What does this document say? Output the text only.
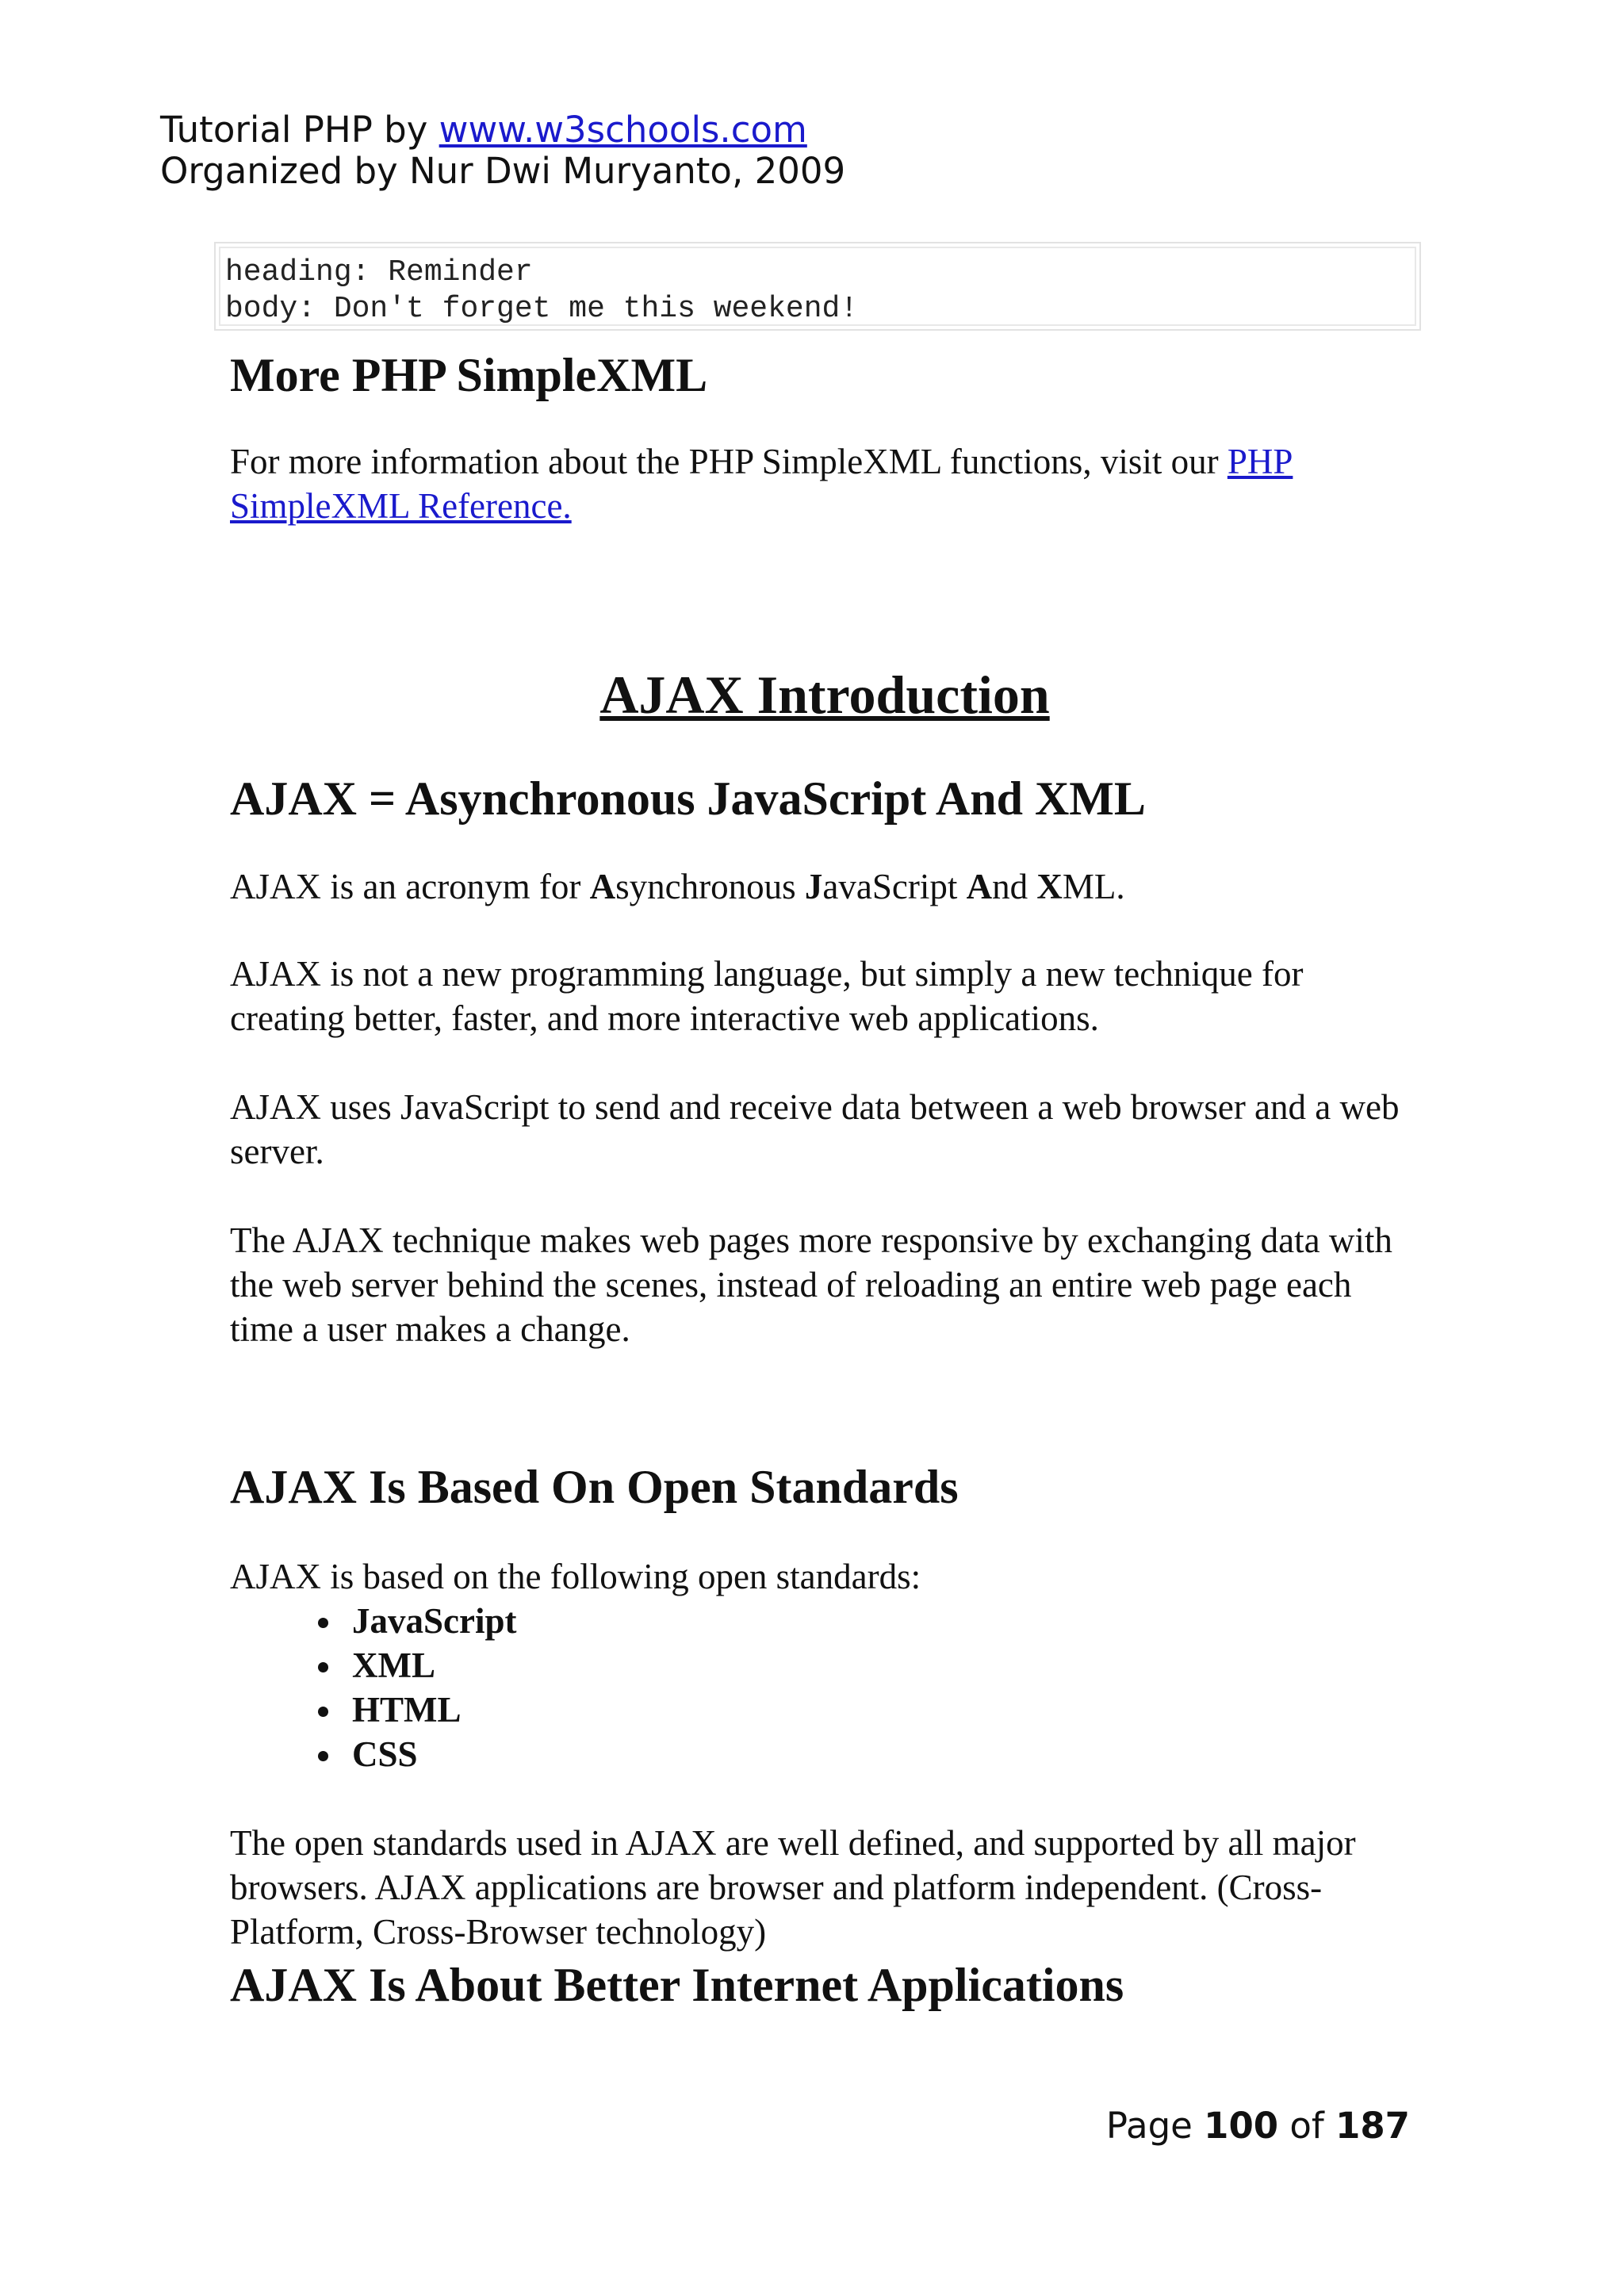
Tutorial PHP by www.w3schools.com
Organized by Nur Dwi Muryanto, 2009
heading: Reminder
body: Don't forget me this weekend!
More PHP SimpleXML

For more information about the PHP SimpleXML functions, visit our PHP SimpleXML Reference.

AJAX Introduction
AJAX = Asynchronous JavaScript And XML

AJAX is an acronym for Asynchronous JavaScript And XML.

AJAX is not a new programming language, but simply a new technique for creating better, faster, and more interactive web applications.

AJAX uses JavaScript to send and receive data between a web browser and a web server.

The AJAX technique makes web pages more responsive by exchanging data with the web server behind the scenes, instead of reloading an entire web page each time a user makes a change.

AJAX Is Based On Open Standards

AJAX is based on the following open standards:

• JavaScript
• XML
• HTML
• CSS

The open standards used in AJAX are well defined, and supported by all major browsers. AJAX applications are browser and platform independent. (Cross-Platform, Cross-Browser technology)

AJAX Is About Better Internet Applications
Page 100 of 187
